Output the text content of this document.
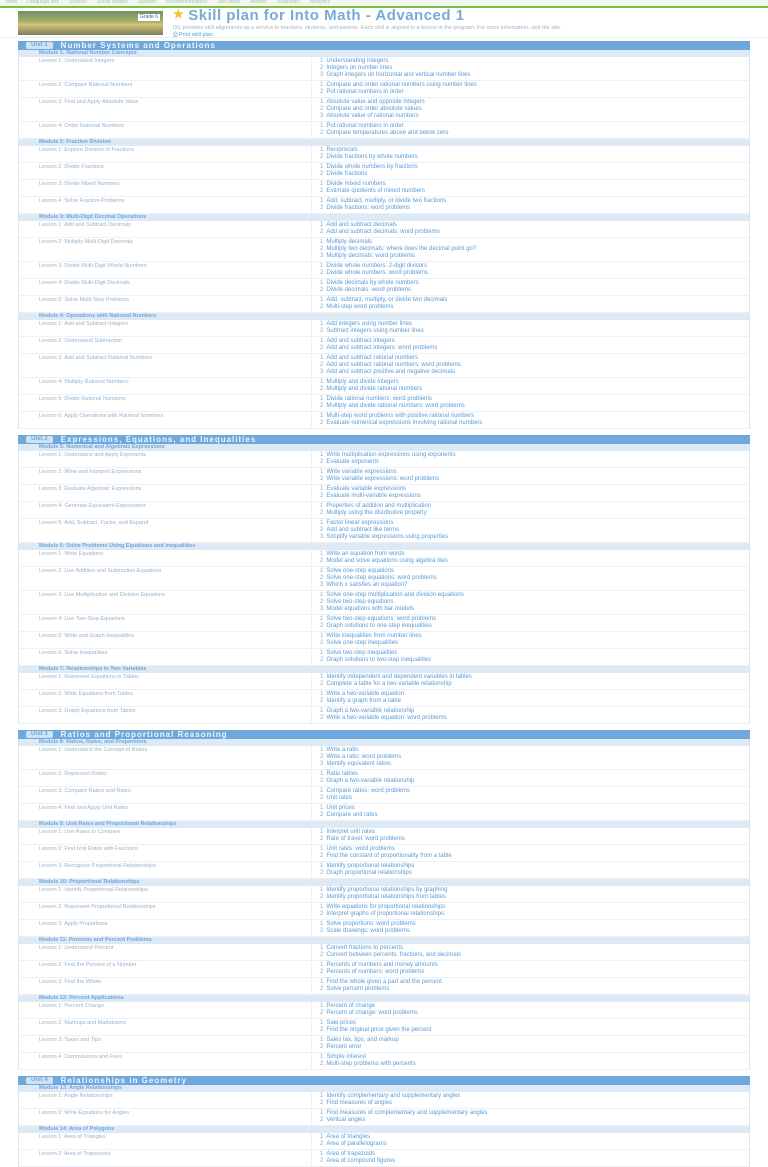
Math Language arts Science Social studies Spanish Recommendations Skill plans Awards Diagnostic Analytics
Grade 6 ★ Skill plan for Into Math - Advanced 1
IXL provides skill alignments as a service to teachers, students, and parents. Each skill is aligned to a lesson in the program. For more information, visit the site.
⎙ Print skill plan
Unit 1	Number Systems and Operations
Module 1: Rational Number Concepts
Lesson 1: Understand Integers	1 Understanding integers
2 Integers on number lines
3 Graph integers on horizontal and vertical number lines
Lesson 2: Compare Rational Numbers	1 Compare and order rational numbers using number lines
2 Put rational numbers in order
Lesson 3: Find and Apply Absolute Value	1 Absolute value and opposite integers
2 Compare and order absolute values
3 Absolute value of rational numbers
Lesson 4: Order Rational Numbers	1 Put rational numbers in order
2 Compare temperatures above and below zero
Module 2: Fraction Division
Lesson 1: Explore Division of Fractions	1 Reciprocals
2 Divide fractions by whole numbers
Lesson 2: Divide Fractions	1 Divide whole numbers by fractions
2 Divide fractions
Lesson 3: Divide Mixed Numbers	1 Divide mixed numbers
2 Estimate quotients of mixed numbers
Lesson 4: Solve Fraction Problems	1 Add, subtract, multiply, or divide two fractions
2 Divide fractions: word problems
Module 3: Multi-Digit Decimal Operations
Lesson 1: Add and Subtract Decimals	1 Add and subtract decimals
2 Add and subtract decimals: word problems
Lesson 2: Multiply Multi-Digit Decimals	1 Multiply decimals
2 Multiply two decimals: where does the decimal point go?
3 Multiply decimals: word problems
Lesson 3: Divide Multi-Digit Whole Numbers	1 Divide whole numbers: 2-digit divisors
2 Divide whole numbers: word problems
Lesson 4: Divide Multi-Digit Decimals	1 Divide decimals by whole numbers
2 Divide decimals: word problems
Lesson 5: Solve Multi-Step Problems	1 Add, subtract, multiply, or divide two decimals
2 Multi-step word problems
Module 4: Operations with Rational Numbers
Lesson 1: Add and Subtract Integers	1 Add integers using number lines
2 Subtract integers using number lines
Lesson 2: Understand Subtraction	1 Add and subtract integers
2 Add and subtract integers: word problems
Lesson 3: Add and Subtract Rational Numbers	1 Add and subtract rational numbers
2 Add and subtract rational numbers: word problems
3 Add and subtract positive and negative decimals
Lesson 4: Multiply Rational Numbers	1 Multiply and divide integers
2 Multiply and divide rational numbers
Lesson 5: Divide Rational Numbers	1 Divide rational numbers: word problems
2 Multiply and divide rational numbers: word problems
Lesson 6: Apply Operations with Rational Numbers	1 Multi-step word problems with positive rational numbers
2 Evaluate numerical expressions involving rational numbers
Unit 2	Expressions, Equations, and Inequalities
Module 5: Numerical and Algebraic Expressions
Lesson 1: Understand and Apply Exponents	1 Write multiplication expressions using exponents
2 Evaluate exponents
Lesson 2: Write and Interpret Expressions	1 Write variable expressions
2 Write variable expressions: word problems
Lesson 3: Evaluate Algebraic Expressions	1 Evaluate variable expressions
2 Evaluate multi-variable expressions
Lesson 4: Generate Equivalent Expressions	1 Properties of addition and multiplication
2 Multiply using the distributive property
Lesson 5: Add, Subtract, Factor, and Expand	1 Factor linear expressions
2 Add and subtract like terms
3 Simplify variable expressions using properties
Module 6: Solve Problems Using Equations and Inequalities
Lesson 1: Write Equations	1 Write an equation from words
2 Model and solve equations using algebra tiles
Lesson 2: Use Addition and Subtraction Equations	1 Solve one-step equations
2 Solve one-step equations: word problems
3 Which x satisfies an equation?
Lesson 3: Use Multiplication and Division Equations	1 Solve one-step multiplication and division equations
2 Solve two-step equations
3 Model equations with bar models
Lesson 4: Use Two-Step Equations	1 Solve two-step equations: word problems
2 Graph solutions to one-step inequalities
Lesson 5: Write and Graph Inequalities	1 Write inequalities from number lines
2 Solve one-step inequalities
Lesson 6: Solve Inequalities	1 Solve two-step inequalities
2 Graph solutions to two-step inequalities
Module 7: Relationships in Two Variables
Lesson 1: Represent Equations in Tables	1 Identify independent and dependent variables in tables
2 Complete a table for a two-variable relationship
Lesson 2: Write Equations from Tables	1 Write a two-variable equation
2 Identify a graph from a table
Lesson 3: Graph Equations from Tables	1 Graph a two-variable relationship
2 Write a two-variable equation: word problems
Unit 3	Ratios and Proportional Reasoning
Module 8: Ratios, Rates, and Proportions
Lesson 1: Understand the Concept of Ratios	1 Write a ratio
2 Write a ratio: word problems
3 Identify equivalent ratios
Lesson 2: Represent Ratios	1 Ratio tables
2 Graph a two-variable relationship
Lesson 3: Compare Ratios and Rates	1 Compare ratios: word problems
2 Unit rates
Lesson 4: Find and Apply Unit Rates	1 Unit prices
2 Compare unit rates
Module 9: Unit Rates and Proportional Relationships
Lesson 1: Use Rates to Compare	1 Interpret unit rates
2 Rate of travel: word problems
Lesson 2: Find Unit Rates with Fractions	1 Unit rates: word problems
2 Find the constant of proportionality from a table
Lesson 3: Recognize Proportional Relationships	1 Identify proportional relationships
2 Graph proportional relationships
Module 10: Proportional Relationships
Lesson 1: Identify Proportional Relationships	1 Identify proportional relationships by graphing
2 Identify proportional relationships from tables
Lesson 2: Represent Proportional Relationships	1 Write equations for proportional relationships
2 Interpret graphs of proportional relationships
Lesson 3: Apply Proportions	1 Solve proportions: word problems
2 Scale drawings: word problems
Module 11: Percents and Percent Problems
Lesson 1: Understand Percent	1 Convert fractions to percents
2 Convert between percents, fractions, and decimals
Lesson 2: Find the Percent of a Number	1 Percents of numbers and money amounts
2 Percents of numbers: word problems
Lesson 3: Find the Whole	1 Find the whole given a part and the percent
2 Solve percent problems
Module 12: Percent Applications
Lesson 1: Percent Change	1 Percent of change
2 Percent of change: word problems
Lesson 2: Markups and Markdowns	1 Sale prices
2 Find the original price given the percent
Lesson 3: Taxes and Tips	1 Sales tax, tips, and markup
2 Percent error
Lesson 4: Commissions and Fees	1 Simple interest
2 Multi-step problems with percents
Unit 4	Relationships in Geometry
Module 13: Angle Relationships
Lesson 1: Angle Relationships	1 Identify complementary and supplementary angles
2 Find measures of angles
Lesson 2: Write Equations for Angles	1 Find measures of complementary and supplementary angles
2 Vertical angles
Module 14: Area of Polygons
Lesson 1: Area of Triangles	1 Area of triangles
2 Area of parallelograms
Lesson 2: Area of Trapezoids	1 Area of trapezoids
2 Area of compound figures
